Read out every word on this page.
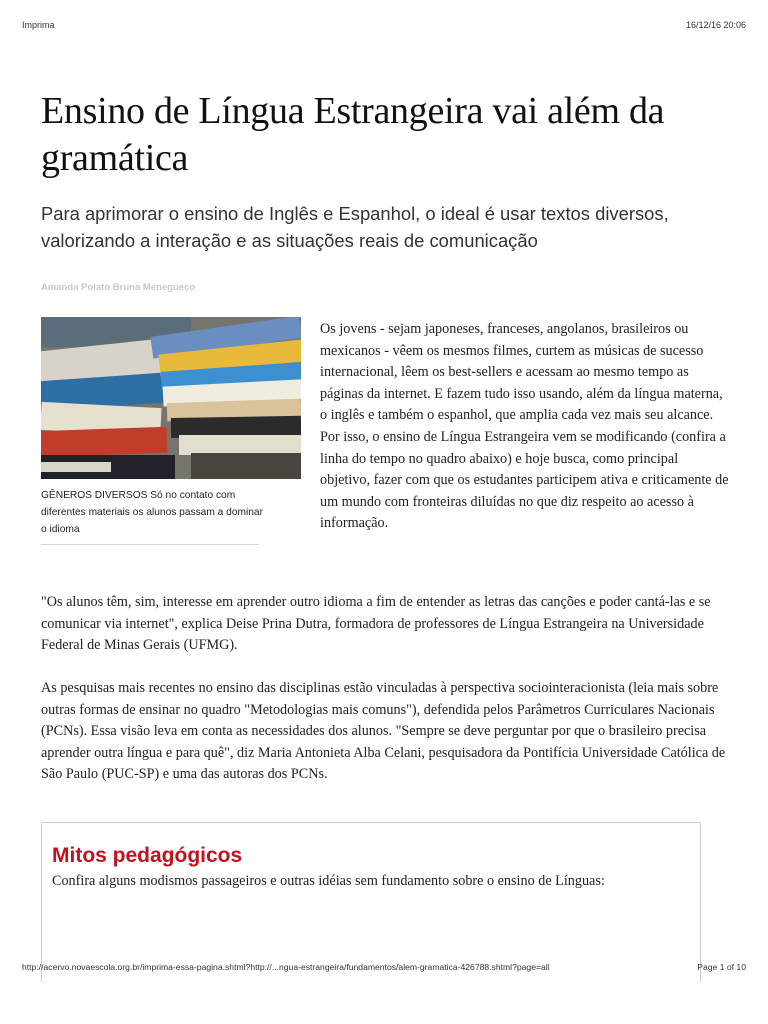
Imprima	16/12/16 20:06
Ensino de Língua Estrangeira vai além da gramática

Para aprimorar o ensino de Inglês e Espanhol, o ideal é usar textos diversos, valorizando a interação e as situações reais de comunicação

Amanda Polato Bruna Menegueço
GÊNEROS DIVERSOS Só no contato com diferentes materiais os alunos passam a dominar o idioma

Os jovens - sejam japoneses, franceses, angolanos, brasileiros ou mexicanos - vêem os mesmos filmes, curtem as músicas de sucesso internacional, lêem os best-sellers e acessam ao mesmo tempo as páginas da internet. E fazem tudo isso usando, além da língua materna, o inglês e também o espanhol, que amplia cada vez mais seu alcance. Por isso, o ensino de Língua Estrangeira vem se modificando (confira a linha do tempo no quadro abaixo) e hoje busca, como principal objetivo, fazer com que os estudantes participem ativa e criticamente de um mundo com fronteiras diluídas no que diz respeito ao acesso à informação.

"Os alunos têm, sim, interesse em aprender outro idioma a fim de entender as letras das canções e poder cantá-las e se comunicar via internet", explica Deise Prina Dutra, formadora de professores de Língua Estrangeira na Universidade Federal de Minas Gerais (UFMG).

As pesquisas mais recentes no ensino das disciplinas estão vinculadas à perspectiva sociointeracionista (leia mais sobre outras formas de ensinar no quadro "Metodologias mais comuns"), defendida pelos Parâmetros Curriculares Nacionais (PCNs). Essa visão leva em conta as necessidades dos alunos. "Sempre se deve perguntar por que o brasileiro precisa aprender outra língua e para quê", diz Maria Antonieta Alba Celani, pesquisadora da Pontifícia Universidade Católica de São Paulo (PUC-SP) e uma das autoras dos PCNs.

Mitos pedagógicos

Confira alguns modismos passageiros e outras idéias sem fundamento sobre o ensino de Línguas:

http://acervo.novaescola.org.br/imprima-essa-pagina.shtml?http://...ngua-estrangeira/fundamentos/alem-gramatica-426788.shtml?page=all	Page 1 of 10
